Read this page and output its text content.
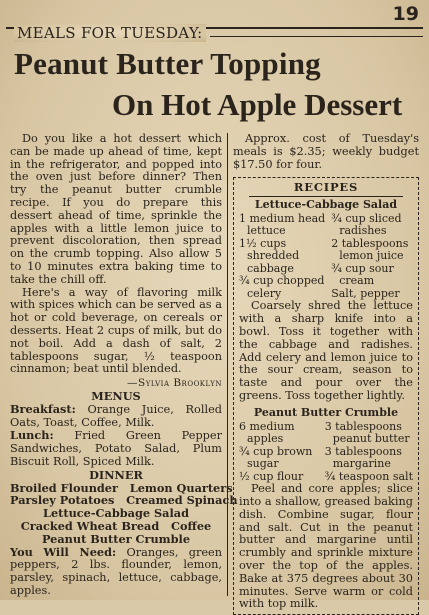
19
MEALS FOR TUESDAY:
Peanut Butter Topping
On Hot Apple Dessert

Do you like a hot dessert which can be made up ahead of time, kept in the refrigerator, and popped into the oven just before dinner? Then try the peanut butter crumble recipe. If you do prepare this dessert ahead of time, sprinkle the apples with a little lemon juice to prevent discoloration, then spread on the crumb topping. Also allow 5 to 10 minutes extra baking time to take the chill off.

Here's a way of flavoring milk with spices which can be served as a hot or cold beverage, on cereals or desserts. Heat 2 cups of milk, but do not boil. Add a dash of salt, 2 tablespoons sugar, ½ teaspoon cinnamon; beat until blended.

—Sylvia Brooklyn
MENUS

Breakfast: Orange Juice, Rolled Oats, Toast, Coffee, Milk.

Lunch: Fried Green Pepper Sandwiches, Potato Salad, Plum Biscuit Roll, Spiced Milk.

DINNER
Broiled Flounder   Lemon Quarters
Parsley Potatoes   Creamed Spinach
Lettuce-Cabbage Salad
Cracked Wheat Bread   Coffee
Peanut Butter Crumble

You Will Need: Oranges, green peppers, 2 lbs. flounder, lemon, parsley, spinach, lettuce, cabbage, apples.

Approx. cost of Tuesday's meals is $2.35; weekly budget $17.50 for four.

RECIPES
Lettuce-Cabbage Salad
1 medium head
lettuce
1½ cups
shredded
cabbage
¾ cup chopped
celery
¾ cup sliced
radishes
2 tablespoons
lemon juice
¾ cup sour
cream
Salt, pepper

Coarsely shred the lettuce with a sharp knife into a bowl. Toss it together with the cabbage and radishes. Add celery and lemon juice to the sour cream, season to taste and pour over the greens. Toss together lightly.

Peanut Butter Crumble
6 medium
apples
¾ cup brown
sugar
½ cup flour
3 tablespoons
peanut butter
3 tablespoons
margarine
¾ teaspoon salt

Peel and core apples; slice into a shallow, greased baking dish. Combine sugar, flour and salt. Cut in the peanut butter and margarine until crumbly and sprinkle mixture over the top of the apples. Bake at 375 degrees about 30 minutes. Serve warm or cold with top milk.
